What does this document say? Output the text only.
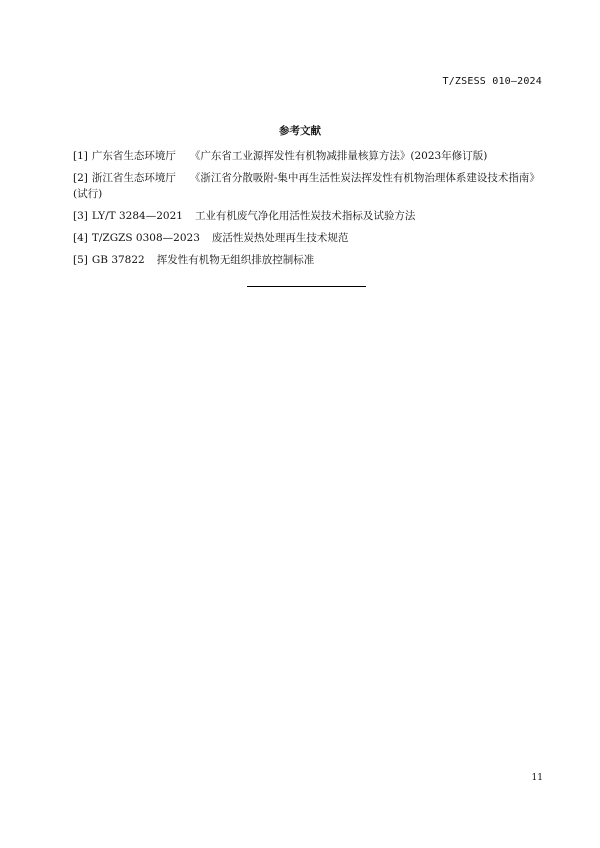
T/ZSESS 010—2024
参考文献
[1] 广东省生态环境厅 《广东省工业源挥发性有机物减排量核算方法》(2023年修订版)
[2] 浙江省生态环境厅 《浙江省分散吸附-集中再生活性炭法挥发性有机物治理体系建设技术指南》(试行)
[3] LY/T 3284—2021 工业有机废气净化用活性炭技术指标及试验方法
[4] T/ZGZS 0308—2023 废活性炭热处理再生技术规范
[5] GB 37822 挥发性有机物无组织排放控制标准
11
